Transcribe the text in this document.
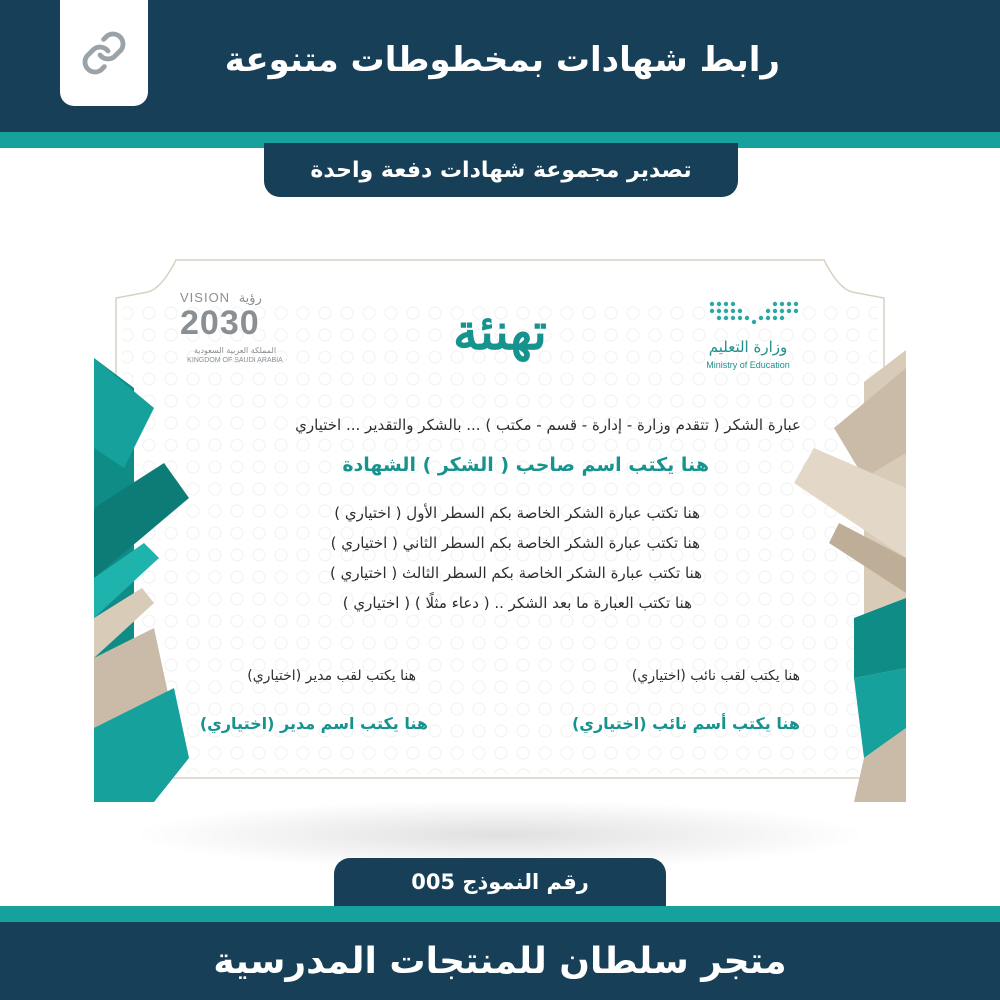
رابط شهادات بمخطوطات متنوعة
تصدير مجموعة شهادات دفعة واحدة
VISION رؤية
2030
المملكة العربية السعودية
KINGDOM OF SAUDI ARABIA
وزارة التعليم
Ministry of Education
تهنئة
عبارة الشكر ( تتقدم وزارة - إدارة - قسم - مكتب ) ... بالشكر والتقدير ... اختياري
هنا يكتب اسم صاحب ( الشكر ) الشهادة
هنا تكتب عبارة الشكر الخاصة بكم السطر الأول ( اختياري )
هنا تكتب عبارة الشكر الخاصة بكم السطر الثاني ( اختياري )
هنا تكتب عبارة الشكر الخاصة بكم السطر الثالث ( اختياري )
هنا تكتب العبارة ما بعد الشكر .. ( دعاء مثلًا ) ( اختياري )
هنا يكتب لقب نائب (اختياري)
هنا يكتب أسم نائب (اختياري)
هنا يكتب لقب مدير (اختياري)
هنا يكتب اسم مدير (اختياري)
رقم النموذج 005
متجر سلطان للمنتجات المدرسية
